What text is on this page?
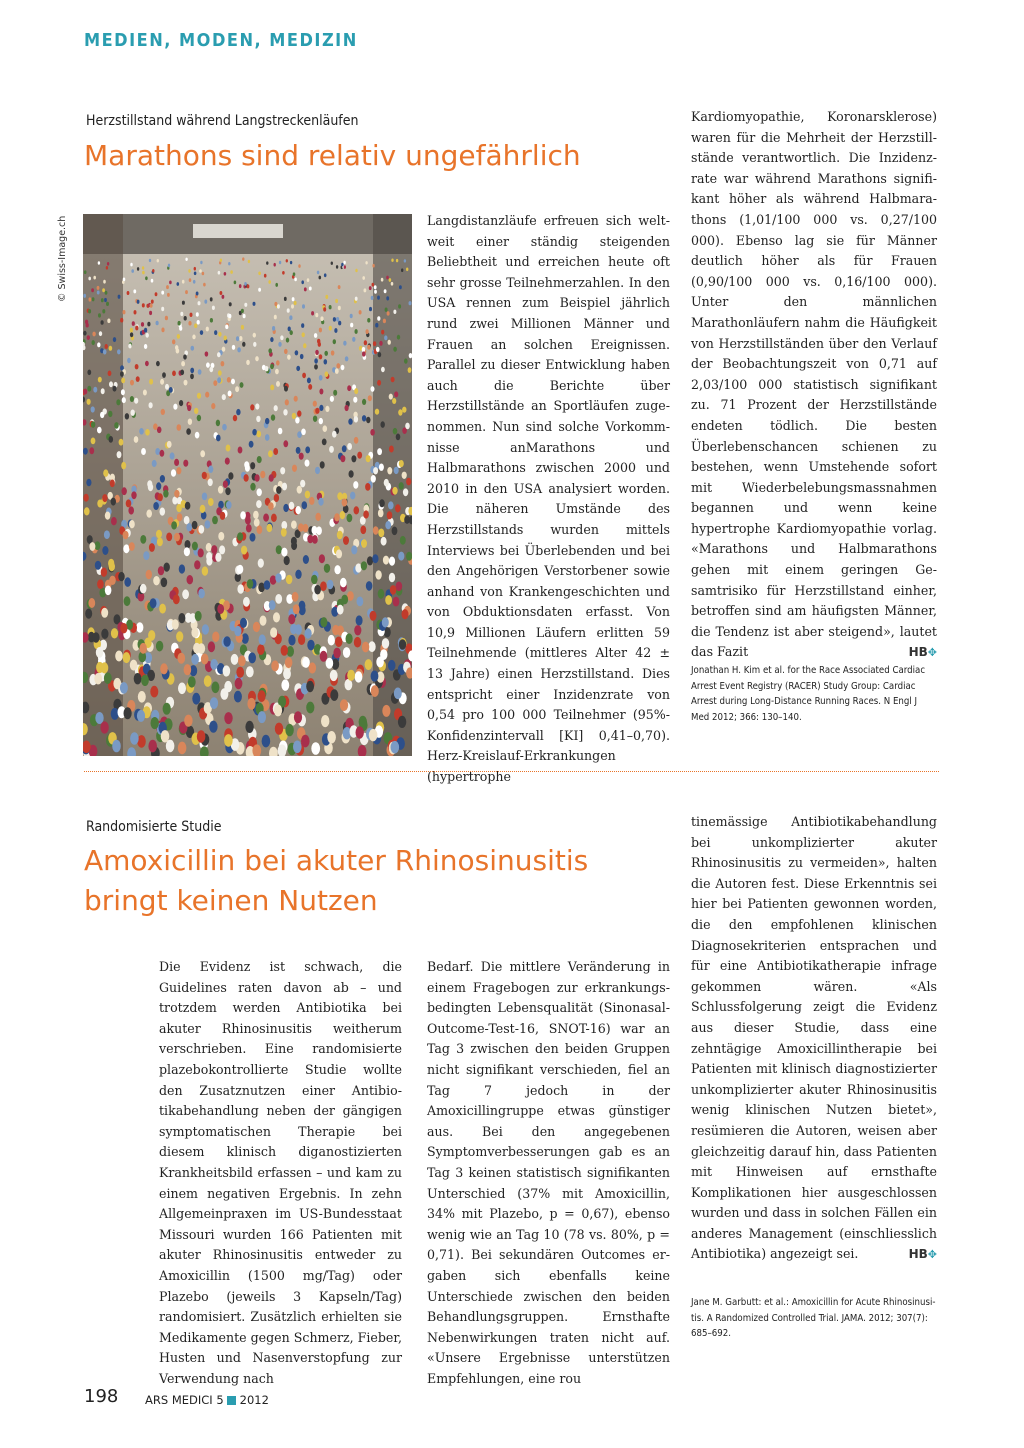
MEDIEN, MODEN, MEDIZIN
Herzstillstand während Langstreckenläufen
Marathons sind relativ ungefährlich
© Swiss-Image.ch	Langdistanzläufe erfreuen sich weltweit einer ständig steigenden Beliebtheit und erreichen heute oft sehr grosse Teilnehmerzahlen. In den USA rennen zum Beispiel jährlich rund zwei Millionen Männer und Frauen an solchen Ereignissen. Parallel zu dieser Entwicklung haben auch die Berichte über Herzstillstände an Sportläufen zugenommen. Nun sind solche Vorkommnisse anMarathons und Halbmarathons zwischen 2000 und 2010 in den USA analysiert worden. Die näheren Umstände des Herzstillstands wurden mittels Interviews bei Überlebenden und bei den Angehörigen Verstorbener sowie anhand von Krankengeschichten und von Obduktionsdaten erfasst. Von 10,9 Millionen Läufern erlitten 59 Teilnehmende (mittleres Alter 42 ± 13 Jahre) einen Herzstillstand. Dies entspricht einer Inzidenzrate von 0,54 pro 100 000 Teilnehmer (95%-Konfidenzintervall [KI] 0,41–0,70). Herz-Kreislauf-Erkrankungen (hypertrophe

Kardiomyopathie, Koronarsklerose) waren für die Mehrheit der Herzstillstände verantwortlich. Die Inzidenzrate war während Marathons signifikant höher als während Halbmarathons (1,01/100 000 vs. 0,27/100 000). Ebenso lag sie für Männer deutlich höher als für Frauen (0,90/100 000 vs. 0,16/100 000). Unter den männlichen Marathonläufern nahm die Häufigkeit von Herzstillständen über den Verlauf der Beobachtungszeit von 0,71 auf 2,03/100 000 statistisch signifikant zu. 71 Prozent der Herzstillstände endeten tödlich. Die besten Überlebenschancen schienen zu bestehen, wenn Umstehende sofort mit Wiederbelebungsmassnahmen begannen und wenn keine hypertrophe Kardiomyopathie vorlag. «Marathons und Halbmarathons gehen mit einem geringen Gesamtrisiko für Herzstillstand einher, betroffen sind am häufigsten Männer, die Tendenz ist aber steigend», lautet das Fazit	HB✥

Jonathan H. Kim et al. for the Race Associated Cardiac Arrest Event Registry (RACER) Study Group: Cardiac Arrest during Long-Distance Running Races. N Engl J Med 2012; 366: 130–140.
Randomisierte Studie
Amoxicillin bei akuter Rhinosinusitis bringt keinen Nutzen

Die Evidenz ist schwach, die Guidelines raten davon ab – und trotzdem werden Antibiotika bei akuter Rhinosinusitis weitherum verschrieben. Eine randomisierte plazebokontrollierte Studie wollte den Zusatznutzen einer Antibiotikabehandlung neben der gängigen symptomatischen Therapie bei diesem klinisch diganostizierten Krankheitsbild erfassen – und kam zu einem negativen Ergebnis. In zehn Allgemeinpraxen im US-Bundesstaat Missouri wurden 166 Patienten mit akuter Rhinosinusitis entweder zu Amoxicillin (1500 mg/Tag) oder Plazebo (jeweils 3 Kapseln/Tag) randomisiert. Zusätzlich erhielten sie Medikamente gegen Schmerz, Fieber, Husten und Nasenverstopfung zur Verwendung nach

Bedarf. Die mittlere Veränderung in einem Fragebogen zur erkrankungsbedingten Lebensqualität (Sinonasal-Outcome-Test-16, SNOT-16) war an Tag 3 zwischen den beiden Gruppen nicht signifikant verschieden, fiel an Tag 7 jedoch in der Amoxicillingruppe etwas günstiger aus. Bei den angegebenen Symptomverbesserungen gab es an Tag 3 keinen statistisch signifikanten Unterschied (37% mit Amoxicillin, 34% mit Plazebo, p = 0,67), ebenso wenig wie an Tag 10 (78 vs. 80%, p = 0,71). Bei sekundären Outcomes ergaben sich ebenfalls keine Unterschiede zwischen den beiden Behandlungsgruppen. Ernsthafte Nebenwirkungen traten nicht auf. «Unsere Ergebnisse unterstützen Empfehlungen, eine rou

tinemässige Antibiotikabehandlung bei unkomplizierter akuter Rhinosinusitis zu vermeiden», halten die Autoren fest. Diese Erkenntnis sei hier bei Patienten gewonnen worden, die den empfohlenen klinischen Diagnosekriterien entsprachen und für eine Antibiotikatherapie infrage gekommen wären. «Als Schlussfolgerung zeigt die Evidenz aus dieser Studie, dass eine zehntägige Amoxicillintherapie bei Patienten mit klinisch diagnostizierter unkomplizierter akuter Rhinosinusitis wenig klinischen Nutzen bietet», resümieren die Autoren, weisen aber gleichzeitig darauf hin, dass Patienten mit Hinweisen auf ernsthafte Komplikationen hier ausgeschlossen wurden und dass in solchen Fällen ein anderes Management (einschliesslich Antibiotika) angezeigt sei.	HB✥

Jane M. Garbutt: et al.: Amoxicillin for Acute Rhinosinusitis. A Randomized Controlled Trial. JAMA. 2012; 307(7): 685–692.
198 ARS MEDICI 5 2012
